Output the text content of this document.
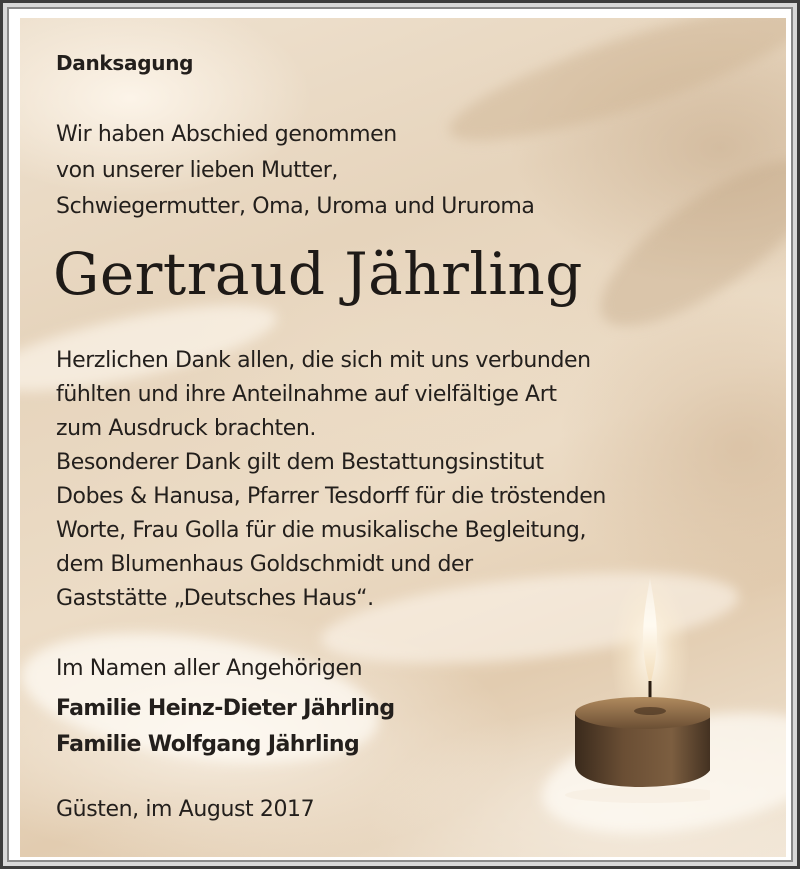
Danksagung

Wir haben Abschied genommen
von unserer lieben Mutter,
Schwiegermutter, Oma, Uroma und Ururoma

Gertraud Jährling

Herzlichen Dank allen, die sich mit uns verbunden
fühlten und ihre Anteilnahme auf vielfältige Art
zum Ausdruck brachten.
Besonderer Dank gilt dem Bestattungsinstitut
Dobes & Hanusa, Pfarrer Tesdorff für die tröstenden
Worte, Frau Golla für die musikalische Begleitung,
dem Blumenhaus Goldschmidt und der
Gaststätte „Deutsches Haus“.

Im Namen aller Angehörigen

Familie Heinz-Dieter Jährling
Familie Wolfgang Jährling

Güsten, im August 2017
